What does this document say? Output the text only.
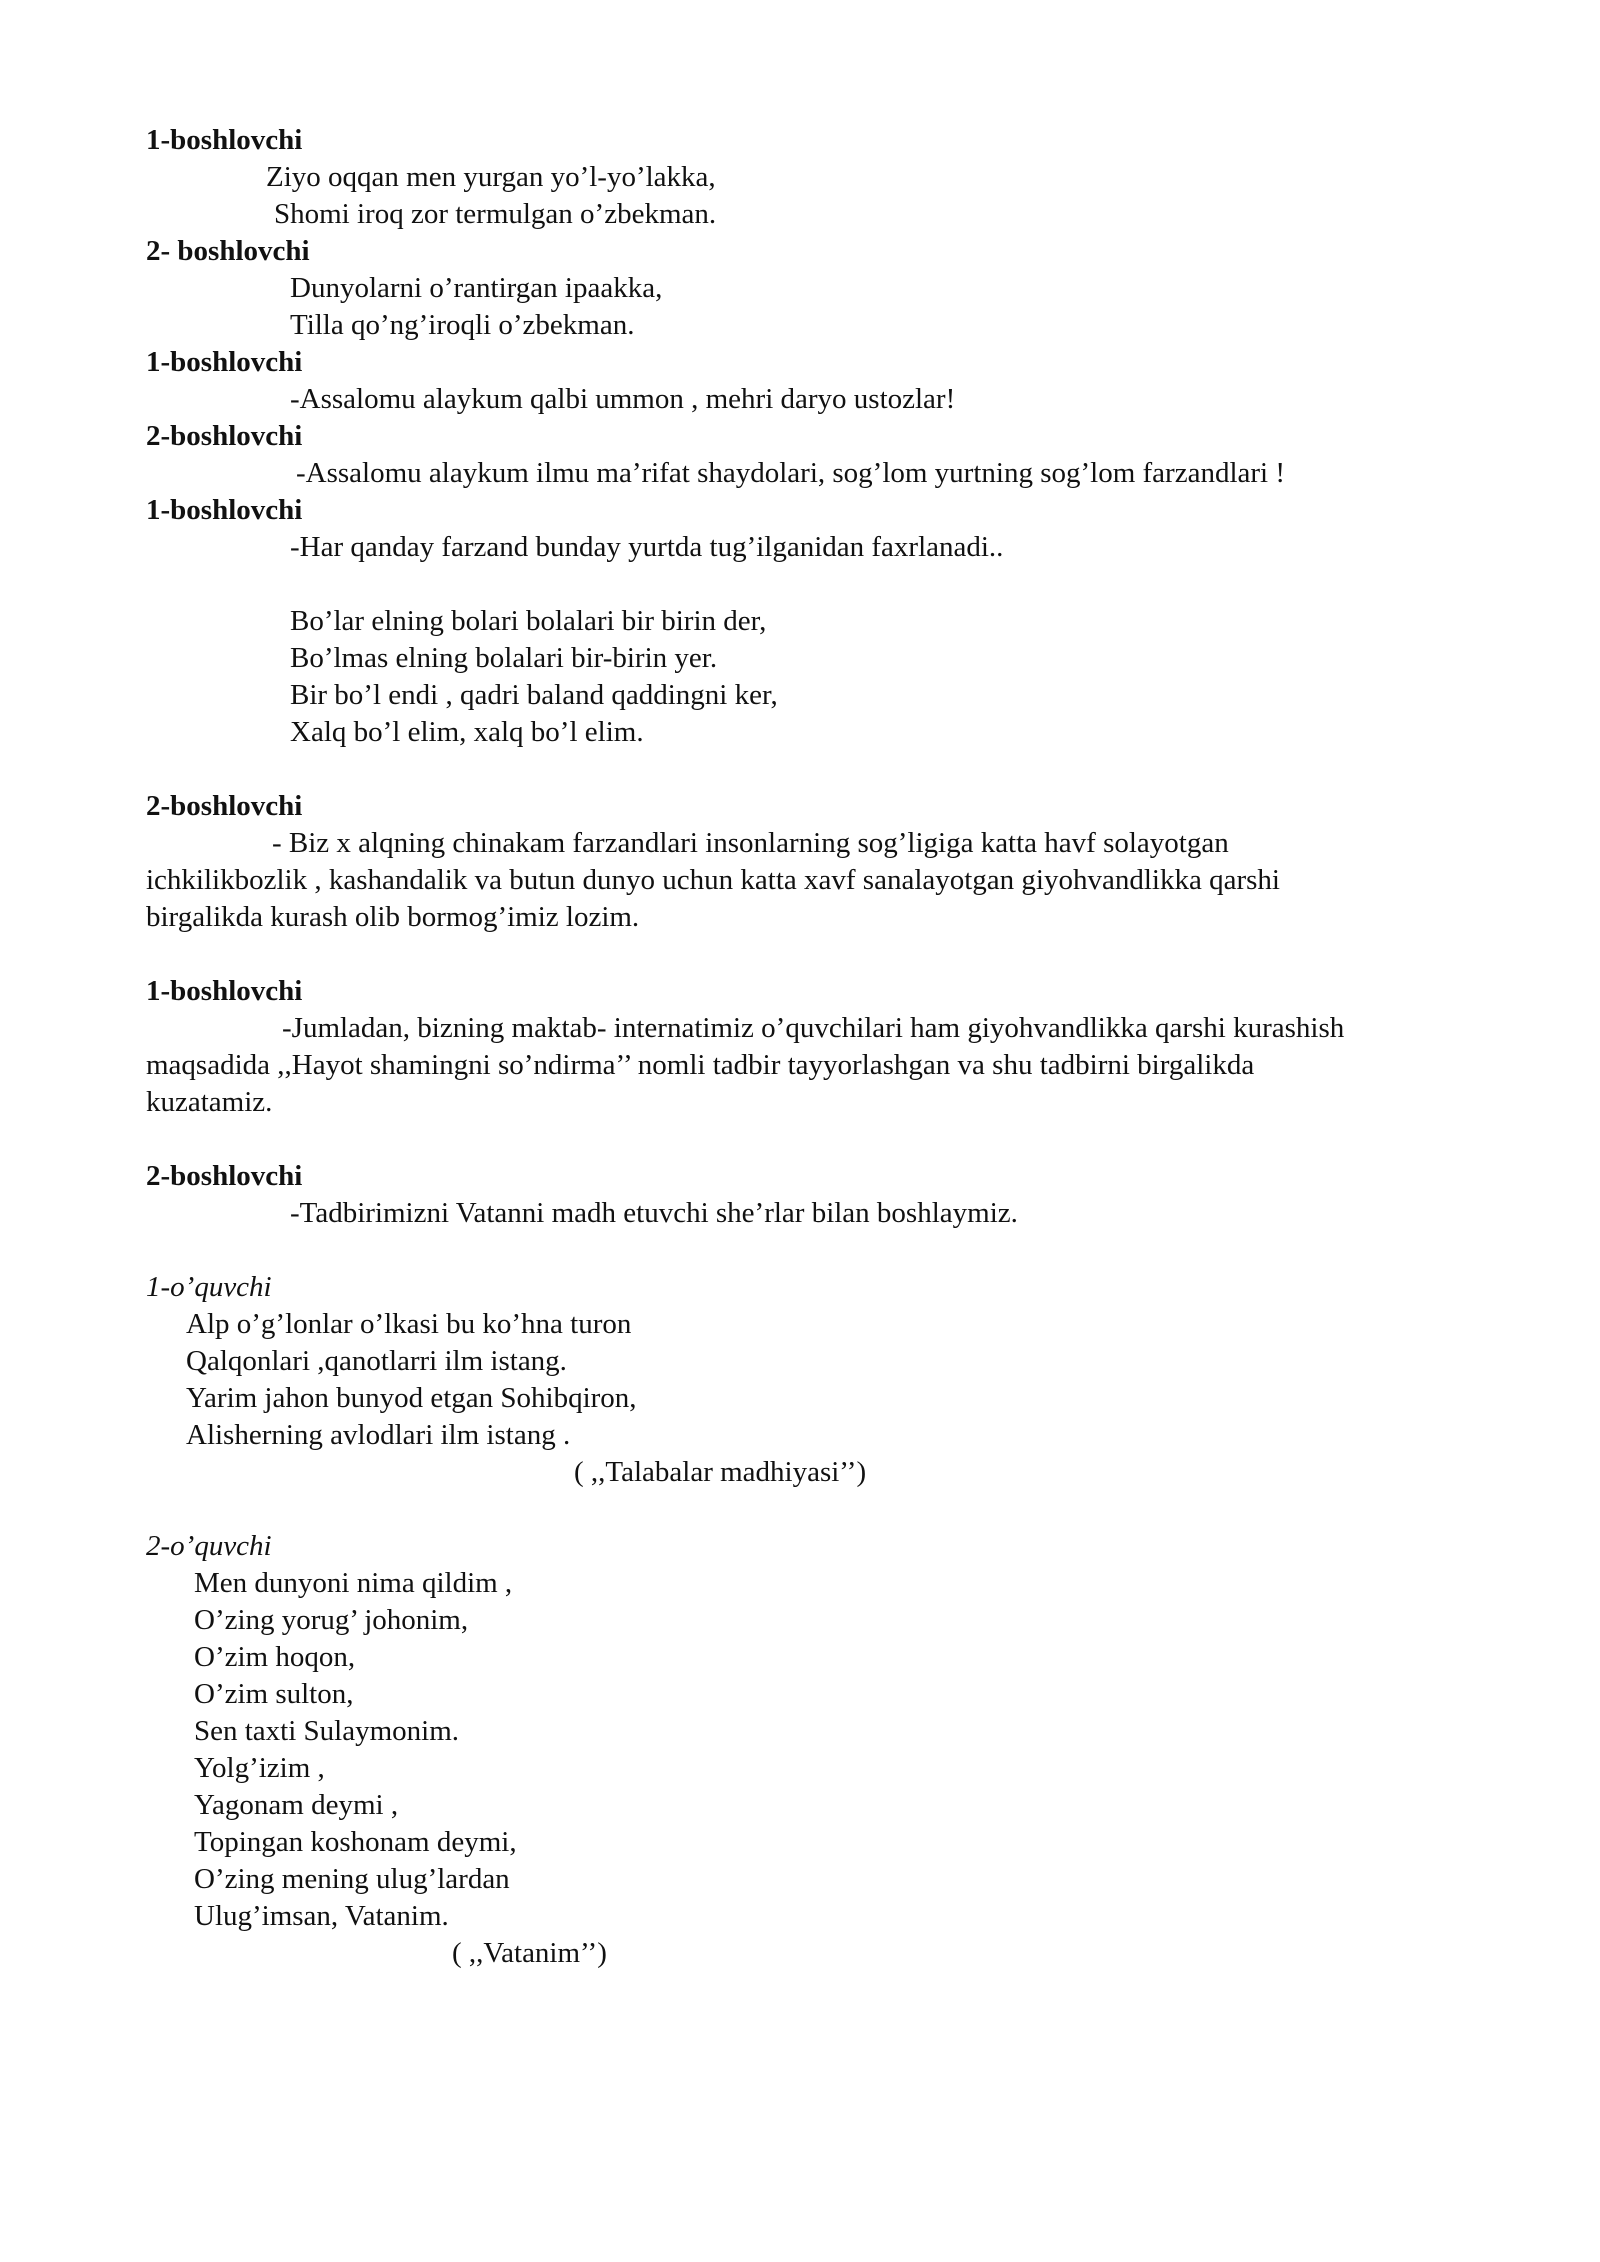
1-boshlovchi
Ziyo oqqan men yurgan yo’l-yo’lakka,
Shomi iroq zor termulgan o’zbekman.
2- boshlovchi
Dunyolarni o’rantirgan ipaakka,
Tilla qo’ng’iroqli o’zbekman.
1-boshlovchi
-Assalomu alaykum qalbi ummon , mehri daryo ustozlar!
2-boshlovchi
-Assalomu alaykum ilmu ma’rifat shaydolari, sog’lom yurtning sog’lom farzandlari !
1-boshlovchi
-Har qanday farzand bunday yurtda tug’ilganidan faxrlanadi..
Bo’lar elning bolari bolalari bir birin der,
Bo’lmas elning bolalari bir-birin yer.
Bir bo’l endi , qadri baland qaddingni ker,
Xalq bo’l elim, xalq bo’l elim.
2-boshlovchi
- Biz x alqning chinakam farzandlari insonlarning sog’ligiga katta havf solayotgan
ichkilikbozlik , kashandalik va butun dunyo uchun katta xavf sanalayotgan giyohvandlikka qarshi
birgalikda kurash olib bormog’imiz lozim.
1-boshlovchi
-Jumladan, bizning maktab- internatimiz o’quvchilari ham giyohvandlikka qarshi kurashish
maqsadida ,,Hayot shamingni so’ndirma’’ nomli tadbir tayyorlashgan va shu tadbirni birgalikda
kuzatamiz.
2-boshlovchi
-Tadbirimizni Vatanni madh etuvchi she’rlar bilan boshlaymiz.
1-o’quvchi
Alp o’g’lonlar o’lkasi bu ko’hna turon
Qalqonlari ,qanotlarri ilm istang.
Yarim jahon bunyod etgan Sohibqiron,
Alisherning avlodlari ilm istang .
( ,,Talabalar madhiyasi’’)
2-o’quvchi
Men dunyoni nima qildim ,
O’zing yorug’ johonim,
O’zim hoqon,
O’zim sulton,
Sen taxti Sulaymonim.
Yolg’izim ,
Yagonam deymi ,
Topingan koshonam deymi,
O’zing mening ulug’lardan
Ulug’imsan, Vatanim.
( ,,Vatanim’’)
